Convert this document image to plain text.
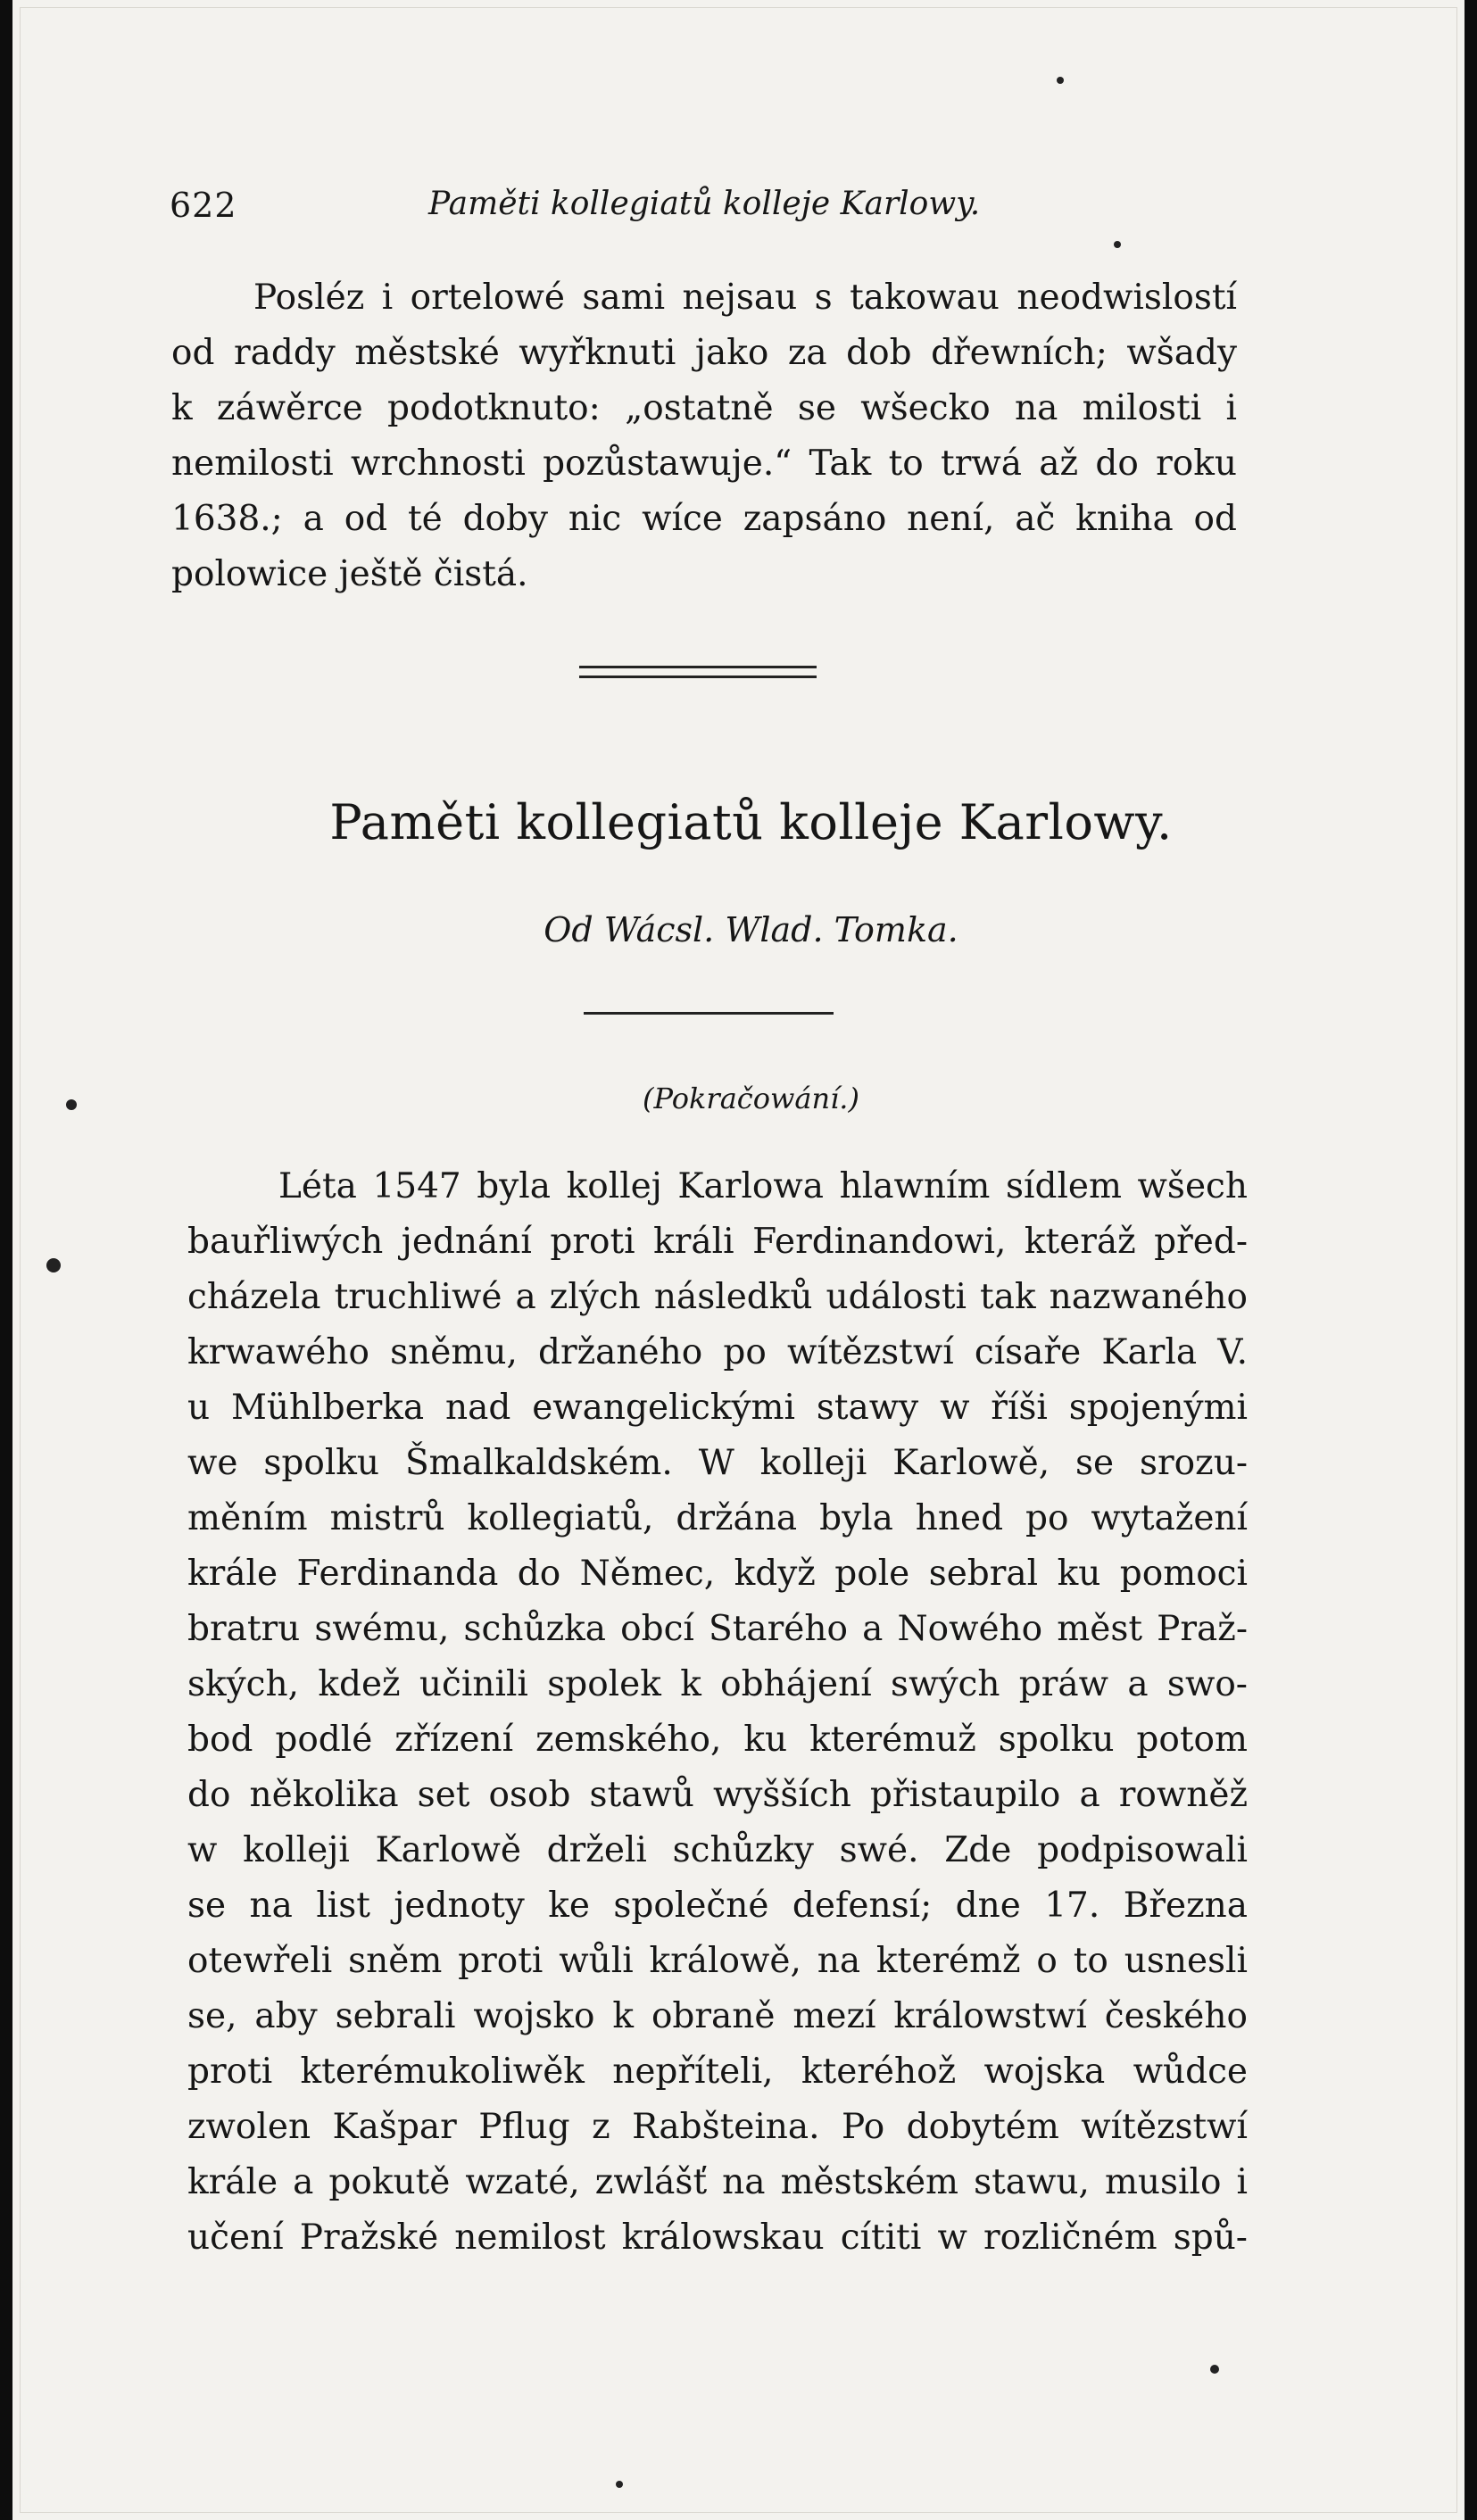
622	Paměti kollegiatů kolleje Karlowy.
Posléz i ortelowé sami nejsau s takowau neodwislostí
od raddy městské wyřknuti jako za dob dřewních; wšady
k záwěrce podotknuto: „ostatně se wšecko na milosti i
nemilosti wrchnosti pozůstawuje.“ Tak to trwá až do roku
1638.; a od té doby nic wíce zapsáno není, ač kniha od
polowice ještě čistá.
Paměti kollegiatů kolleje Karlowy.
Od Wácsl. Wlad. Tomka.
(Pokračowání.)
Léta 1547 byla kollej Karlowa hlawním sídlem wšech
bauřliwých jednání proti králi Ferdinandowi, kteráž před-
cházela truchliwé a zlých následků události tak nazwaného
krwawého sněmu, držaného po wítězstwí císaře Karla V.
u Mühlberka nad ewangelickými stawy w říši spojenými
we spolku Šmalkaldském. W kolleji Karlowě, se srozu-
měním mistrů kollegiatů, držána byla hned po wytažení
krále Ferdinanda do Němec, když pole sebral ku pomoci
bratru swému, schůzka obcí Starého a Nowého měst Praž-
ských, kdež učinili spolek k obhájení swých práw a swo-
bod podlé zřízení zemského, ku kterémuž spolku potom
do několika set osob stawů wyšších přistaupilo a rowněž
w kolleji Karlowě drželi schůzky swé. Zde podpisowali
se na list jednoty ke společné defensí; dne 17. Března
otewřeli sněm proti wůli králowě, na kterémž o to usnesli
se, aby sebrali wojsko k obraně mezí králowstwí českého
proti kterémukoliwěk nepříteli, kteréhož wojska wůdce
zwolen Kašpar Pflug z Rabšteina. Po dobytém wítězstwí
krále a pokutě wzaté, zwlášť na městském stawu, musilo i
učení Pražské nemilost králowskau cítiti w rozličném spů-
